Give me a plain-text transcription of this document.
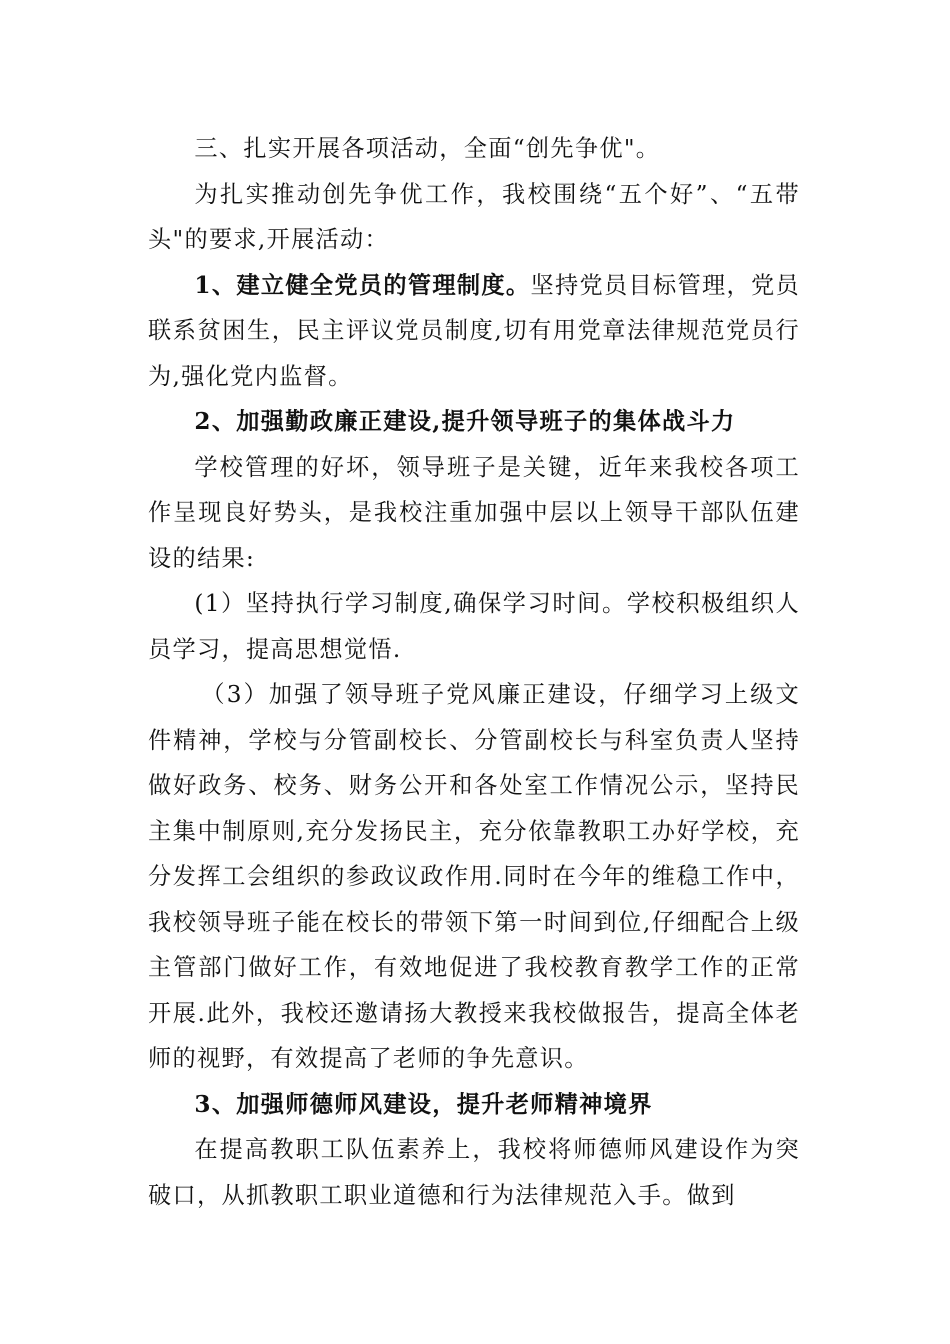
三、扎实开展各项活动，全面“创先争优"。

为扎实推动创先争优工作，我校围绕“五个好”、“五带头"的要求,开展活动：

1、建立健全党员的管理制度。坚持党员目标管理，党员联系贫困生，民主评议党员制度,切有用党章法律规范党员行为,强化党内监督。

2、加强勤政廉正建设,提升领导班子的集体战斗力

学校管理的好坏，领导班子是关键，近年来我校各项工作呈现良好势头，是我校注重加强中层以上领导干部队伍建设的结果:

(1）坚持执行学习制度,确保学习时间。学校积极组织人员学习，提高思想觉悟.

（3）加强了领导班子党风廉正建设，仔细学习上级文件精神，学校与分管副校长、分管副校长与科室负责人坚持做好政务、校务、财务公开和各处室工作情况公示，坚持民主集中制原则,充分发扬民主，充分依靠教职工办好学校，充分发挥工会组织的参政议政作用.同时在今年的维稳工作中，我校领导班子能在校长的带领下第一时间到位,仔细配合上级主管部门做好工作，有效地促进了我校教育教学工作的正常开展.此外，我校还邀请扬大教授来我校做报告，提高全体老师的视野，有效提高了老师的争先意识。

3、加强师德师风建设，提升老师精神境界

在提高教职工队伍素养上，我校将师德师风建设作为突破口，从抓教职工职业道德和行为法律规范入手。做到
